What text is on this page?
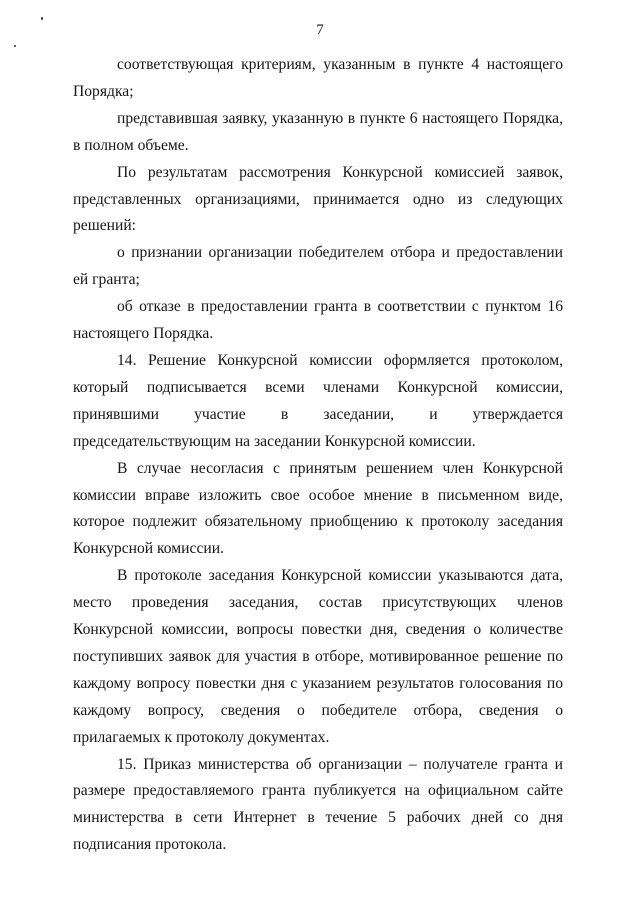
7

соответствующая критериям, указанным в пункте 4 настоящего Порядка;

представившая заявку, указанную в пункте 6 настоящего Порядка, в полном объеме.

По результатам рассмотрения Конкурсной комиссией заявок, представленных организациями, принимается одно из следующих решений:

о признании организации победителем отбора и предоставлении ей гранта;

об отказе в предоставлении гранта в соответствии с пунктом 16 настоящего Порядка.

14. Решение Конкурсной комиссии оформляется протоколом, который подписывается всеми членами Конкурсной комиссии, принявшими участие в заседании, и утверждается председательствующим на заседании Конкурсной комиссии.

В случае несогласия с принятым решением член Конкурсной комиссии вправе изложить свое особое мнение в письменном виде, которое подлежит обязательному приобщению к протоколу заседания Конкурсной комиссии.

В протоколе заседания Конкурсной комиссии указываются дата, место проведения заседания, состав присутствующих членов Конкурсной комиссии, вопросы повестки дня, сведения о количестве поступивших заявок для участия в отборе, мотивированное решение по каждому вопросу повестки дня с указанием результатов голосования по каждому вопросу, сведения о победителе отбора, сведения о прилагаемых к протоколу документах.

15. Приказ министерства об организации – получателе гранта и размере предоставляемого гранта публикуется на официальном сайте министерства в сети Интернет в течение 5 рабочих дней со дня подписания протокола.
